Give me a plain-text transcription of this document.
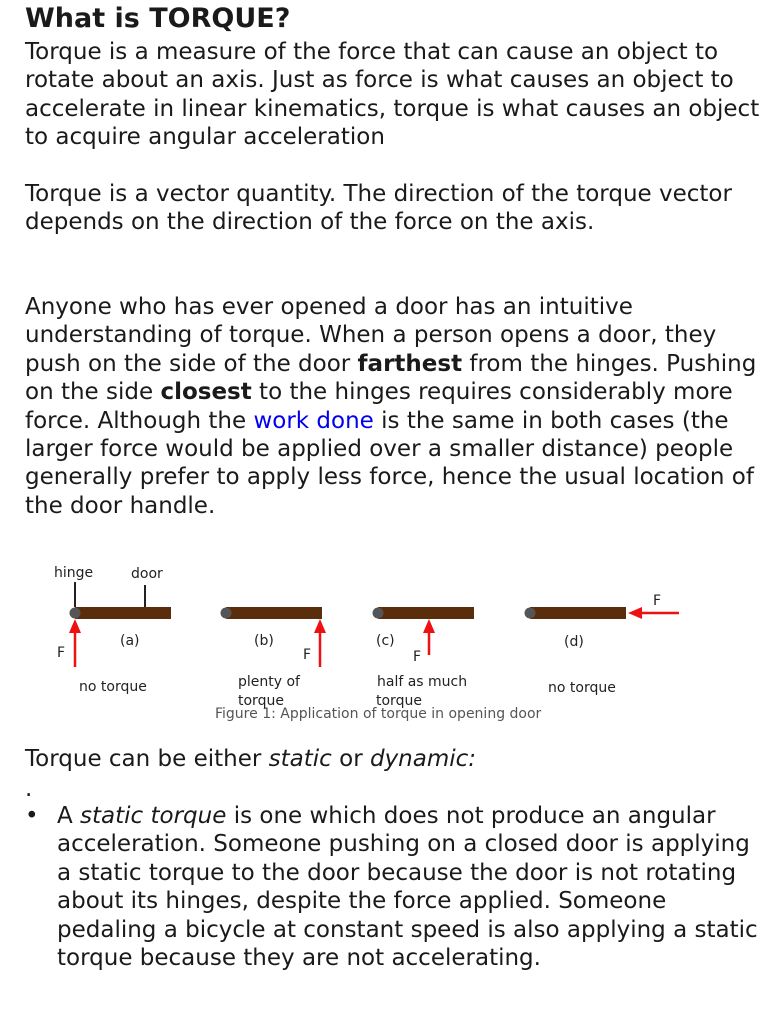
What is TORQUE?

Torque is a measure of the force that can cause an object to rotate about an axis. Just as force is what causes an object to accelerate in linear kinematics, torque is what causes an object to acquire angular acceleration

Torque is a vector quantity. The direction of the torque vector depends on the direction of the force on the axis.

Anyone who has ever opened a door has an intuitive understanding of torque. When a person opens a door, they push on the side of the door farthest from the hinges. Pushing on the side closest to the hinges requires considerably more force. Although the work done is the same in both cases (the larger force would be applied over a smaller distance) people generally prefer to apply less force, hence the usual location of the door handle.

Figure 1: Application of torque in opening door
hinge	door
F
(a)
no torque
F
(b)
plenty of
torque
F
(c)
half as much
torque
F
(d)
no torque

Torque can be either static or dynamic:

.
• A static torque is one which does not produce an angular acceleration. Someone pushing on a closed door is applying a static torque to the door because the door is not rotating about its hinges, despite the force applied. Someone pedaling a bicycle at constant speed is also applying a static torque because they are not accelerating.
